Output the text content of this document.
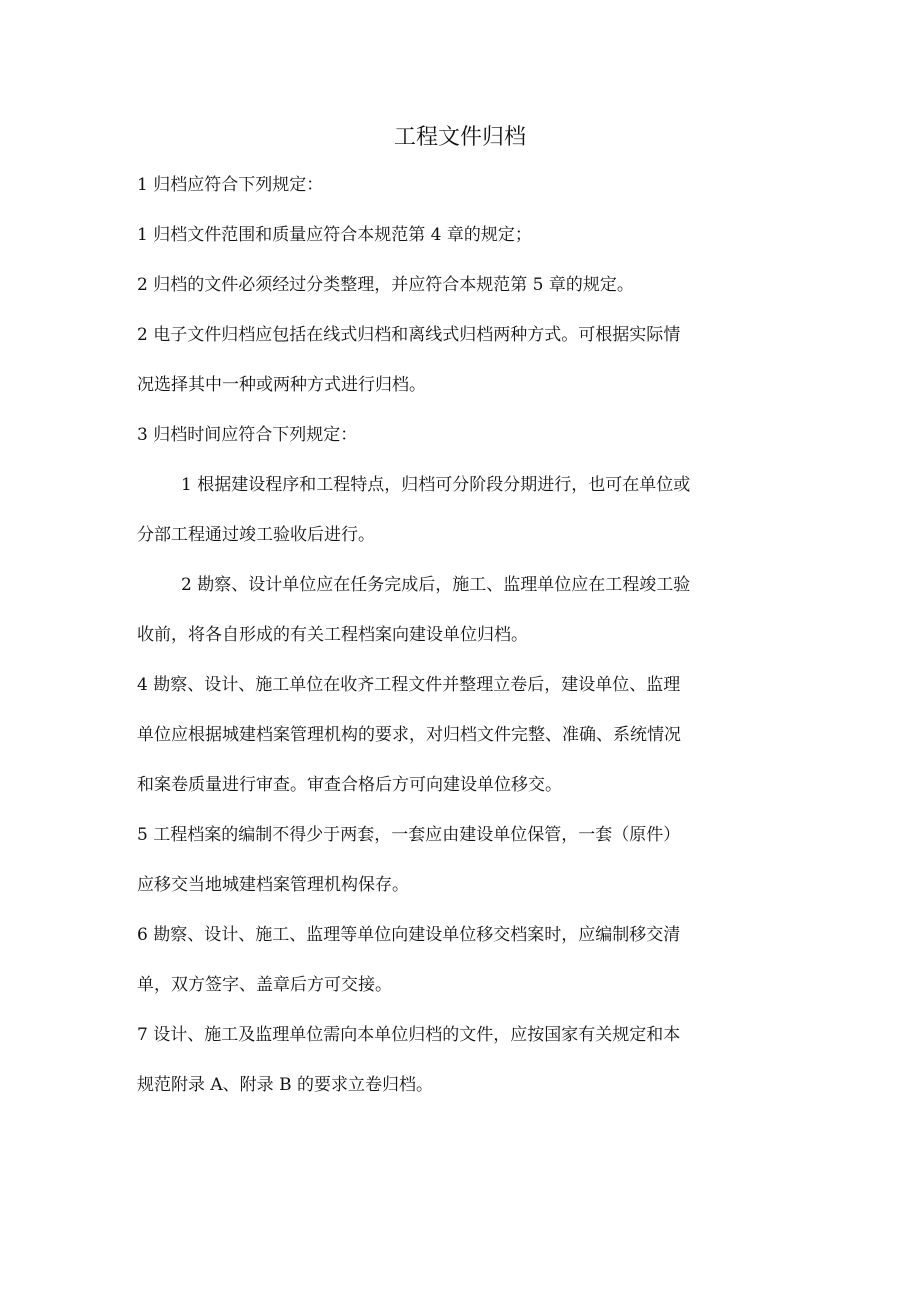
工程文件归档

1 归档应符合下列规定：

1 归档文件范围和质量应符合本规范第 4 章的规定；

2 归档的文件必须经过分类整理，并应符合本规范第 5 章的规定。

2 电子文件归档应包括在线式归档和离线式归档两种方式。可根据实际情
况选择其中一种或两种方式进行归档。

3 归档时间应符合下列规定：

1 根据建设程序和工程特点，归档可分阶段分期进行，也可在单位或
分部工程通过竣工验收后进行。

2 勘察、设计单位应在任务完成后，施工、监理单位应在工程竣工验
收前，将各自形成的有关工程档案向建设单位归档。

4 勘察、设计、施工单位在收齐工程文件并整理立卷后，建设单位、监理
单位应根据城建档案管理机构的要求，对归档文件完整、准确、系统情况
和案卷质量进行审查。审查合格后方可向建设单位移交。

5 工程档案的编制不得少于两套，一套应由建设单位保管，一套（原件）
应移交当地城建档案管理机构保存。

6 勘察、设计、施工、监理等单位向建设单位移交档案时，应编制移交清
单，双方签字、盖章后方可交接。

7 设计、施工及监理单位需向本单位归档的文件，应按国家有关规定和本
规范附录 A、附录 B 的要求立卷归档。
